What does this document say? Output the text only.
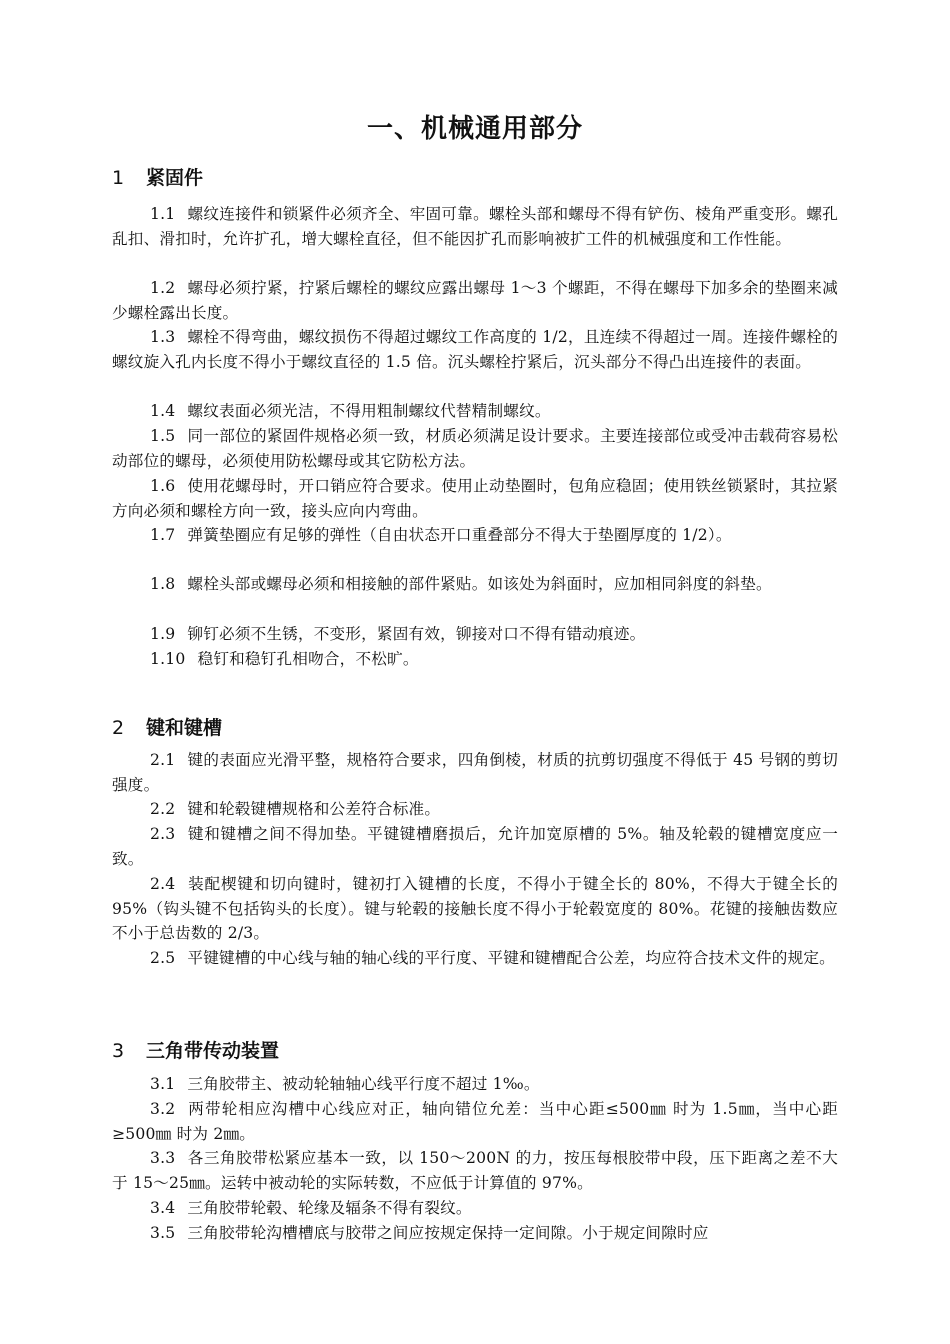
一、机械通用部分
1 紧固件
1.1 螺纹连接件和锁紧件必须齐全、牢固可靠。螺栓头部和螺母不得有铲伤、棱角严重变形。螺孔乱扣、滑扣时，允许扩孔，增大螺栓直径，但不能因扩孔而影响被扩工件的机械强度和工作性能。
1.2 螺母必须拧紧，拧紧后螺栓的螺纹应露出螺母 1～3 个螺距，不得在螺母下加多余的垫圈来减少螺栓露出长度。
1.3 螺栓不得弯曲，螺纹损伤不得超过螺纹工作高度的 1/2，且连续不得超过一周。连接件螺栓的螺纹旋入孔内长度不得小于螺纹直径的 1.5 倍。沉头螺栓拧紧后，沉头部分不得凸出连接件的表面。
1.4 螺纹表面必须光洁，不得用粗制螺纹代替精制螺纹。
1.5 同一部位的紧固件规格必须一致，材质必须满足设计要求。主要连接部位或受冲击载荷容易松动部位的螺母，必须使用防松螺母或其它防松方法。
1.6 使用花螺母时，开口销应符合要求。使用止动垫圈时，包角应稳固；使用铁丝锁紧时，其拉紧方向必须和螺栓方向一致，接头应向内弯曲。
1.7 弹簧垫圈应有足够的弹性（自由状态开口重叠部分不得大于垫圈厚度的 1/2）。
1.8 螺栓头部或螺母必须和相接触的部件紧贴。如该处为斜面时，应加相同斜度的斜垫。
1.9 铆钉必须不生锈，不变形，紧固有效，铆接对口不得有错动痕迹。
1.10 稳钉和稳钉孔相吻合，不松旷。
2 键和键槽
2.1 键的表面应光滑平整，规格符合要求，四角倒棱，材质的抗剪切强度不得低于 45 号钢的剪切强度。
2.2 键和轮毂键槽规格和公差符合标准。
2.3 键和键槽之间不得加垫。平键键槽磨损后，允许加宽原槽的 5%。轴及轮毂的键槽宽度应一致。
2.4 装配楔键和切向键时，键初打入键槽的长度，不得小于键全长的 80%，不得大于键全长的 95%（钩头键不包括钩头的长度）。键与轮毂的接触长度不得小于轮毂宽度的 80%。花键的接触齿数应不小于总齿数的 2/3。
2.5 平键键槽的中心线与轴的轴心线的平行度、平键和键槽配合公差，均应符合技术文件的规定。
3 三角带传动装置
3.1 三角胶带主、被动轮轴轴心线平行度不超过 1‰。
3.2 两带轮相应沟槽中心线应对正，轴向错位允差：当中心距≤500㎜ 时为 1.5㎜，当中心距≥500㎜ 时为 2㎜。
3.3 各三角胶带松紧应基本一致，以 150～200N 的力，按压每根胶带中段，压下距离之差不大于 15～25㎜。运转中被动轮的实际转数，不应低于计算值的 97%。
3.4 三角胶带轮毂、轮缘及辐条不得有裂纹。
3.5 三角胶带轮沟槽槽底与胶带之间应按规定保持一定间隙。小于规定间隙时应
